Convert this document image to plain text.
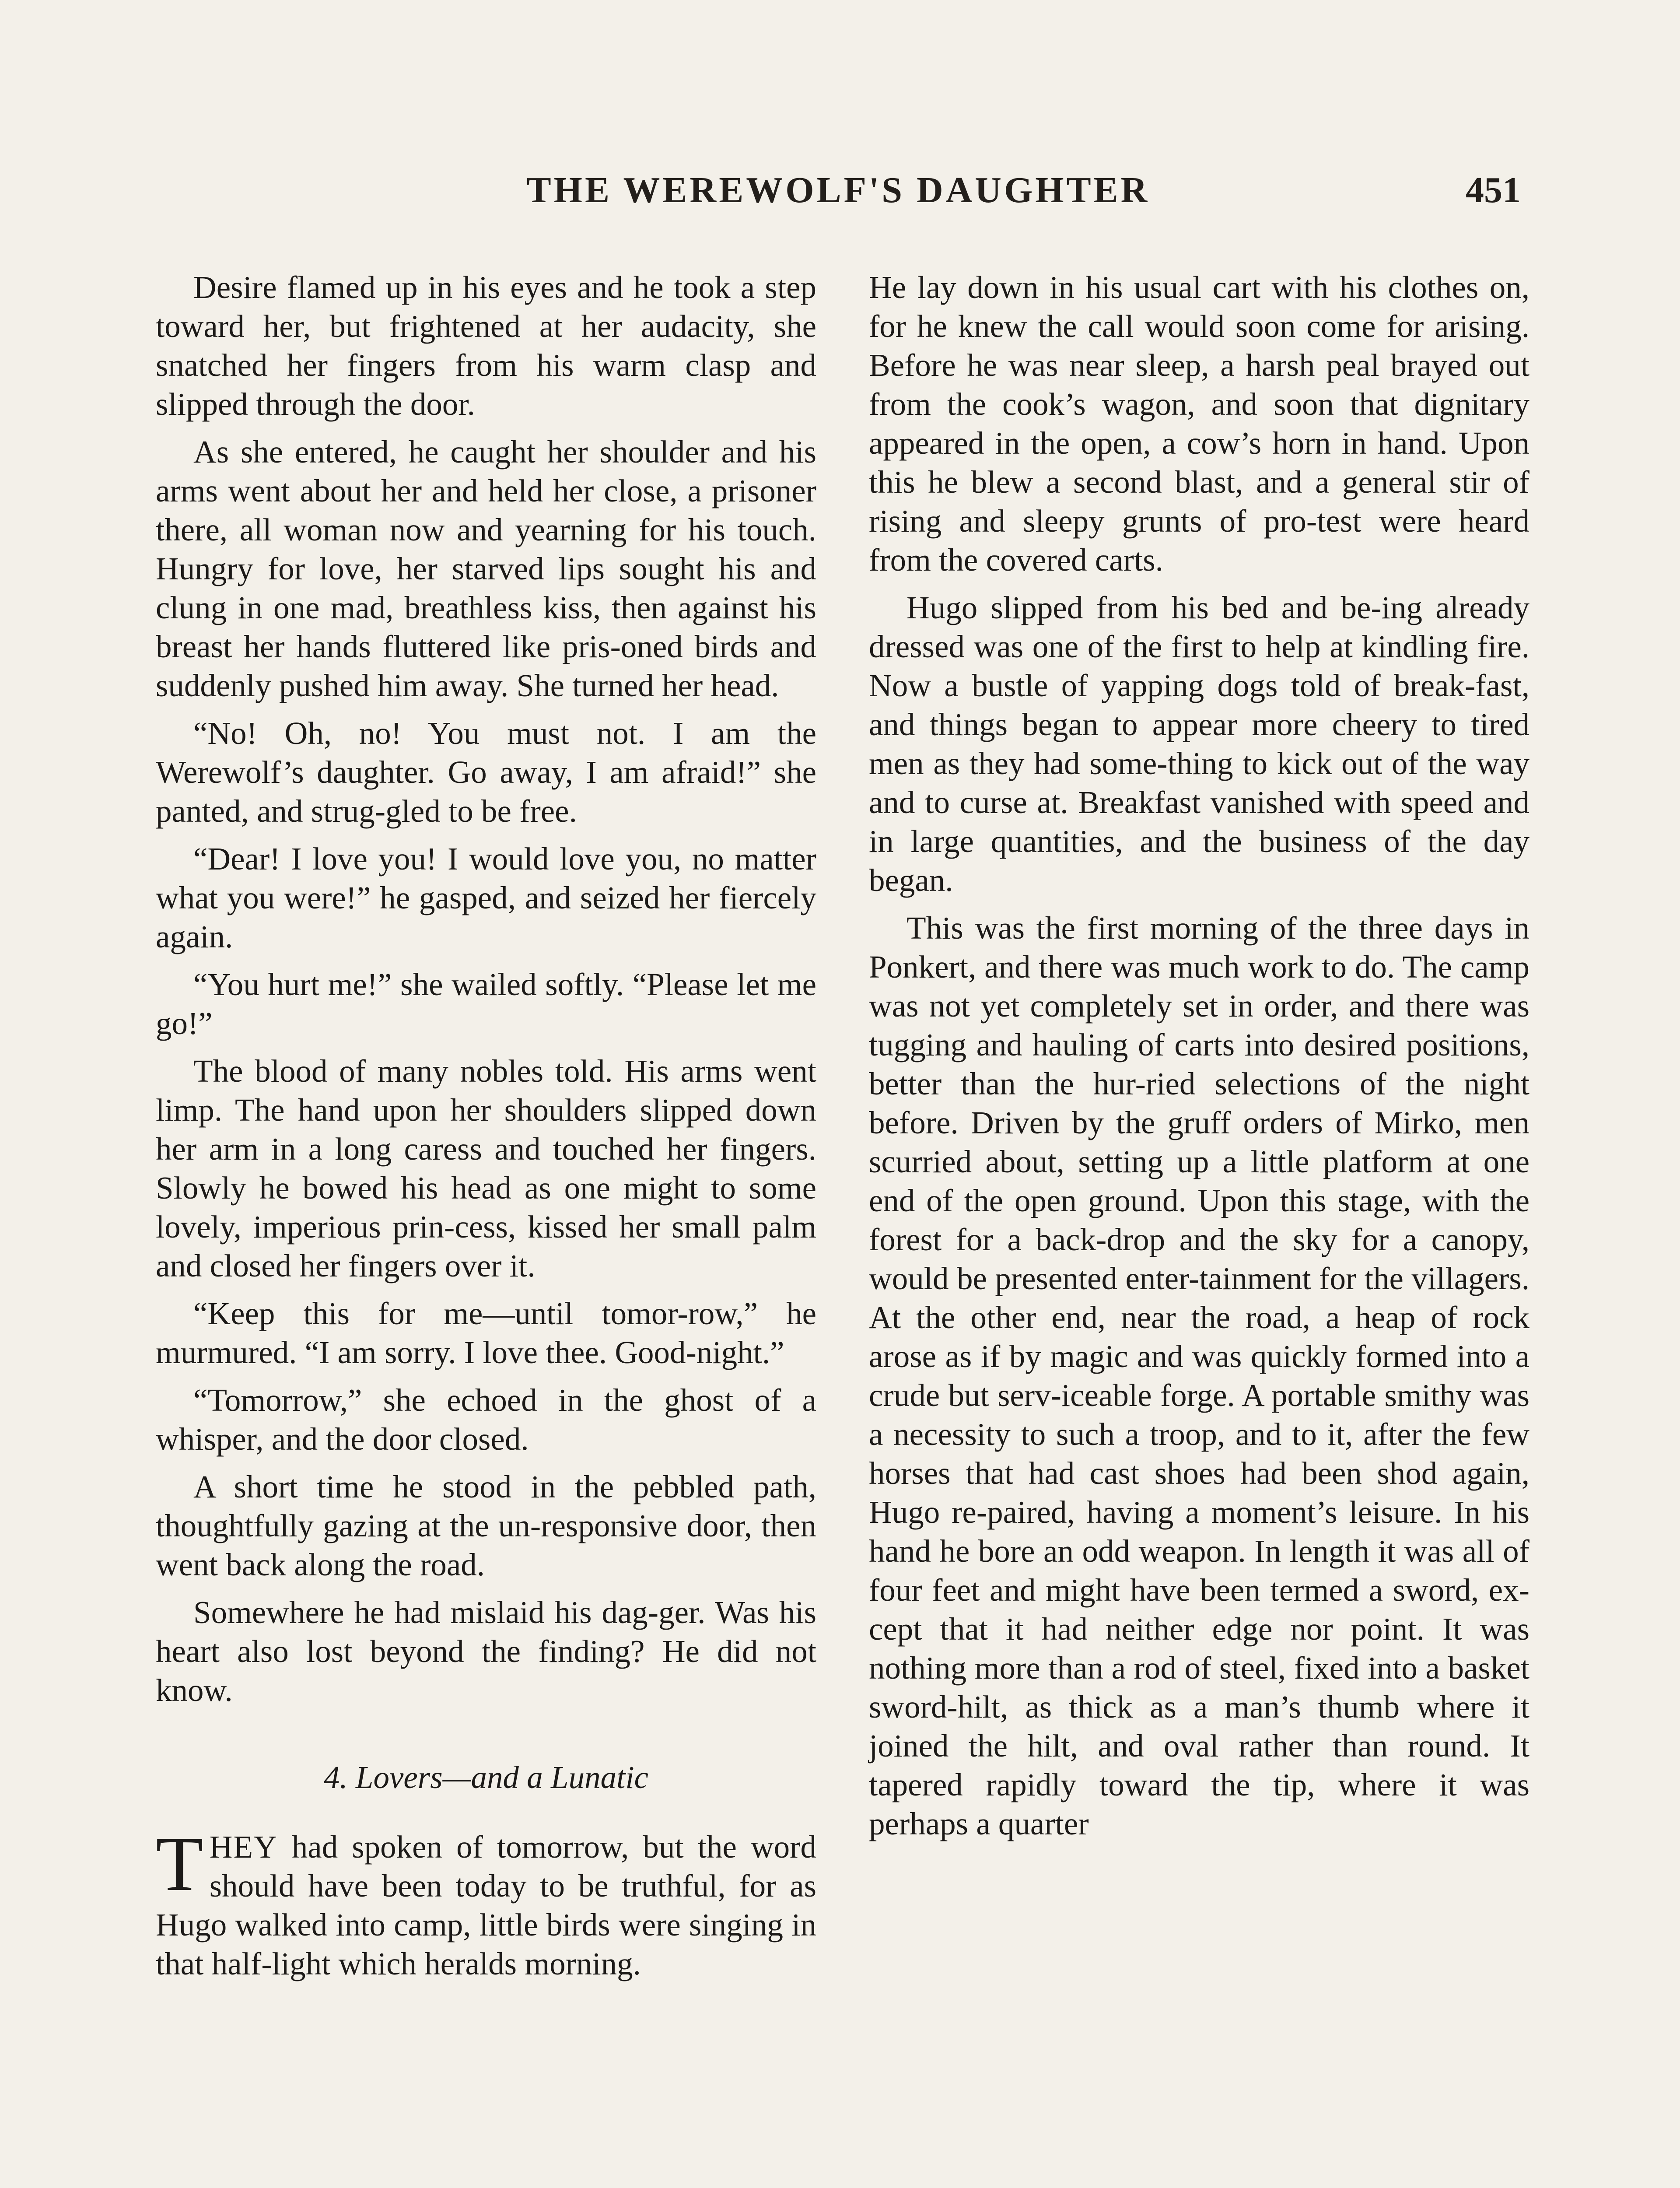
THE WEREWOLF'S DAUGHTER	451

Desire flamed up in his eyes and he took a step toward her, but frightened at her audacity, she snatched her fingers from his warm clasp and slipped through the door.

As she entered, he caught her shoulder and his arms went about her and held her close, a prisoner there, all woman now and yearning for his touch. Hungry for love, her starved lips sought his and clung in one mad, breathless kiss, then against his breast her hands fluttered like pris-oned birds and suddenly pushed him away. She turned her head.

“No! Oh, no! You must not. I am the Werewolf’s daughter. Go away, I am afraid!” she panted, and strug-gled to be free.

“Dear! I love you! I would love you, no matter what you were!” he gasped, and seized her fiercely again.

“You hurt me!” she wailed softly. “Please let me go!”

The blood of many nobles told. His arms went limp. The hand upon her shoulders slipped down her arm in a long caress and touched her fingers. Slowly he bowed his head as one might to some lovely, imperious prin-cess, kissed her small palm and closed her fingers over it.

“Keep this for me—until tomor-row,” he murmured. “I am sorry. I love thee. Good-night.”

“Tomorrow,” she echoed in the ghost of a whisper, and the door closed.

A short time he stood in the pebbled path, thoughtfully gazing at the un-responsive door, then went back along the road.

Somewhere he had mislaid his dag-ger. Was his heart also lost beyond the finding? He did not know.

4. Lovers—and a Lunatic

THEY had spoken of tomorrow, but the word should have been today to be truthful, for as Hugo walked into camp, little birds were singing in that half-light which heralds morning.

He lay down in his usual cart with his clothes on, for he knew the call would soon come for arising. Before he was near sleep, a harsh peal brayed out from the cook’s wagon, and soon that dignitary appeared in the open, a cow’s horn in hand. Upon this he blew a second blast, and a general stir of rising and sleepy grunts of pro-test were heard from the covered carts.

Hugo slipped from his bed and be-ing already dressed was one of the first to help at kindling fire. Now a bustle of yapping dogs told of break-fast, and things began to appear more cheery to tired men as they had some-thing to kick out of the way and to curse at. Breakfast vanished with speed and in large quantities, and the business of the day began.

This was the first morning of the three days in Ponkert, and there was much work to do. The camp was not yet completely set in order, and there was tugging and hauling of carts into desired positions, better than the hur-ried selections of the night before. Driven by the gruff orders of Mirko, men scurried about, setting up a little platform at one end of the open ground. Upon this stage, with the forest for a back-drop and the sky for a canopy, would be presented enter-tainment for the villagers. At the other end, near the road, a heap of rock arose as if by magic and was quickly formed into a crude but serv-iceable forge. A portable smithy was a necessity to such a troop, and to it, after the few horses that had cast shoes had been shod again, Hugo re-paired, having a moment’s leisure. In his hand he bore an odd weapon. In length it was all of four feet and might have been termed a sword, ex-cept that it had neither edge nor point. It was nothing more than a rod of steel, fixed into a basket sword-hilt, as thick as a man’s thumb where it joined the hilt, and oval rather than round. It tapered rapidly toward the tip, where it was perhaps a quarter
